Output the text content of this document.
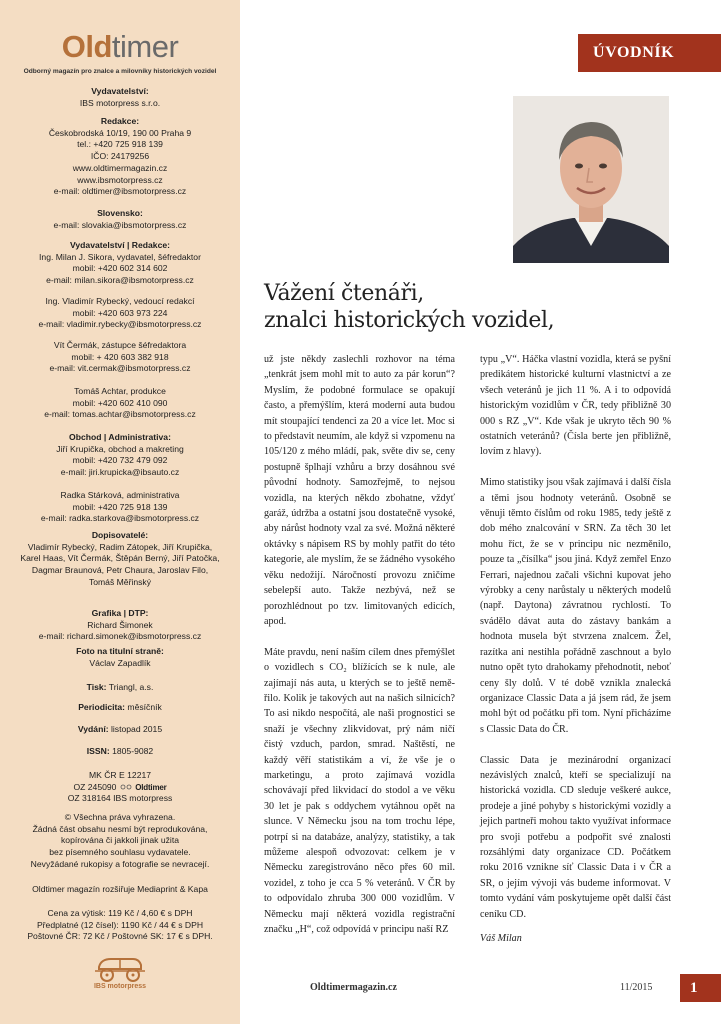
Oldtimer
Odborný magazín pro znalce a milovníky historických vozidel
Vydavatelství:
IBS motorpress s.r.o.
Redakce:
Českobrodská 10/19, 190 00 Praha 9
tel.: +420 725 918 139
IČO: 24179256
www.oldtimermagazin.cz
www.ibsmotorpress.cz
e-mail: oldtimer@ibsmotorpress.cz
Slovensko:
e-mail: slovakia@ibsmotorpress.cz
Vydavatelství | Redakce:
Ing. Milan J. Sikora, vydavatel, šéfredaktor
mobil: +420 602 314 602
e-mail: milan.sikora@ibsmotorpress.cz
Ing. Vladimír Rybecký, vedoucí redakcí
mobil: +420 603 973 224
e-mail: vladimir.rybecky@ibsmotorpress.cz
Vít Čermák, zástupce šéfredaktora
mobil: + 420 603 382 918
e-mail: vit.cermak@ibsmotorpress.cz
Tomáš Achtar, produkce
mobil: +420 602 410 090
e-mail: tomas.achtar@ibsmotorpress.cz
Obchod | Administrativa:
Jiří Krupička, obchod a makreting
mobil: +420 732 479 092
e-mail: jiri.krupicka@ibsauto.cz
Radka Stárková, administrativa
mobil: +420 725 918 139
e-mail: radka.starkova@ibsmotorpress.cz
Dopisovatelé:
Vladimír Rybecký, Radim Zátopek, Jiří Krupička,
Karel Haas, Vít Čermák, Štěpán Berný, Jiří Patočka,
Dagmar Braunová, Petr Chaura, Jaroslav Filo,
Tomáš Měřinský
Grafika | DTP:
Richard Šimonek
e-mail: richard.simonek@ibsmotorpress.cz
Foto na titulní straně:
Václav Zapadlík
Tisk: Triangl, a.s.
Periodicita: měsíčník
Vydání: listopad 2015
ISSN: 1805-9082
MK ČR E 12217
OZ 245090 Oldtimer
OZ 318164 IBS motorpress
© Všechna práva vyhrazena.
Žádná část obsahu nesmí být reprodukována,
kopírována či jakkoli jinak užita
bez písemného souhlasu vydavatele.
Nevyžádané rukopisy a fotografie se nevracejí.
Oldtimer magazín rozšiřuje Mediaprint & Kapa
Cena za výtisk: 119 Kč / 4,60 € s DPH
Předplatné (12 čísel): 1190 Kč / 44 € s DPH
Poštovné ČR: 72 Kč / Poštovné SK: 17 € s DPH.
IBS motorpress
ÚVODNÍK
Vážení čtenáři,
znalci historických vozidel,

už jste někdy zaslechli rozhovor na téma „tenkrát jsem mohl mít to auto za pár korun“? Myslím, že podobné formulace se opakují často, a přemýšlím, která moderní auta budou mít stoupající tendenci za 20 a více let. Moc si to představit neumím, ale když si vzpomenu na 105/120 z mého mládí, pak, světe div se, ceny postupně šplhají vzhůru a brzy dosáhnou své původní hodnoty. Samozřejmě, to nejsou vozidla, na kterých někdo zbohatne, vždyť garáž, údržba a ostatní jsou dostatečně vysoké, aby nárůst hodnoty vzal za své. Možná některé oktávky s nápisem RS by mohly patřit do této kategorie, ale myslím, že se žádného vysokého věku nedožijí. Náročností provozu zničíme sebelepší auto. Takže nezbývá, než se porozhlédnout po tzv. limitovaných edicích, apod.

Máte pravdu, není naším cílem dnes přemýšlet o vozidlech s CO₂ blížících se k nule, ale zajímají nás auta, u kterých se to ještě neměřilo. Kolik je takových aut na našich silnicích? To asi nikdo nespočítá, ale naši prognostici se snaží je všechny zlikvidovat, prý nám ničí čistý vzduch, pardon, smrad. Naštěstí, ne každý věří statistikám a ví, že vše je o marketingu, a proto zajímavá vozidla schovávají před likvidací do stodol a ve věku 30 let je pak s oddychem vytáhnou opět na slunce. V Německu jsou na tom trochu lépe, potrpí si na databáze, analýzy, statistiky, a tak můžeme alespoň odvozovat: celkem je v Německu zaregistrováno něco přes 60 mil. vozidel, z toho je cca 5 % veteránů. V ČR by to odpovídalo zhruba 300 000 vozidlům. V Německu mají některá vozidla registrační značku „H“, což odpovídá v principu naší RZ

typu „V“. Háčka vlastní vozidla, která se pyšní predikátem historické kulturní vlastnictví a ze všech veteránů je jich 11 %. A i to odpovídá historickým vozidlům v ČR, tedy přibližně 30 000 s RZ „V“. Kde však je ukryto těch 90 % ostatních veteránů? (Čísla berte jen přibližně, lovím z hlavy).

Mimo statistiky jsou však zajímavá i další čísla a těmi jsou hodnoty veteránů. Osobně se věnuji těmto číslům od roku 1985, tedy ještě z dob mého znalcování v SRN. Za těch 30 let mohu říct, že se v principu nic nezměnilo, pouze ta „čísílka“ jsou jiná. Když zemřel Enzo Ferrari, najednou začali všichni kupovat jeho výrobky a ceny narůstaly u některých modelů (např. Daytona) závratnou rychlostí. To svádělo dávat auta do zástavy bankám a hodnota musela být stvrzena znalcem. Žel, razítka ani nestihla pořádně zaschnout a bylo nutno opět tyto drahokamy přehodnotit, neboť ceny šly dolů. V té době vznikla znalecká organizace Classic Data a já jsem rád, že jsem mohl být od počátku při tom. Nyní přicházíme s Classic Data do ČR.

Classic Data je mezinárodní organizací nezávislých znalců, kteří se specializují na historická vozidla. CD sleduje veškeré aukce, prodeje a jiné pohyby s historickými vozidly a jejich partneři mohou takto využívat informace pro svoji potřebu a podpořit své znalosti rozsáhlými daty organizace CD. Počátkem roku 2016 vznikne síť Classic Data i v ČR a SR, o jejím vývoji vás budeme informovat. V tomto vydání vám poskytujeme opět další část ceníku CD.

Váš Milan

Oldtimermagazin.cz	11/2015	1
